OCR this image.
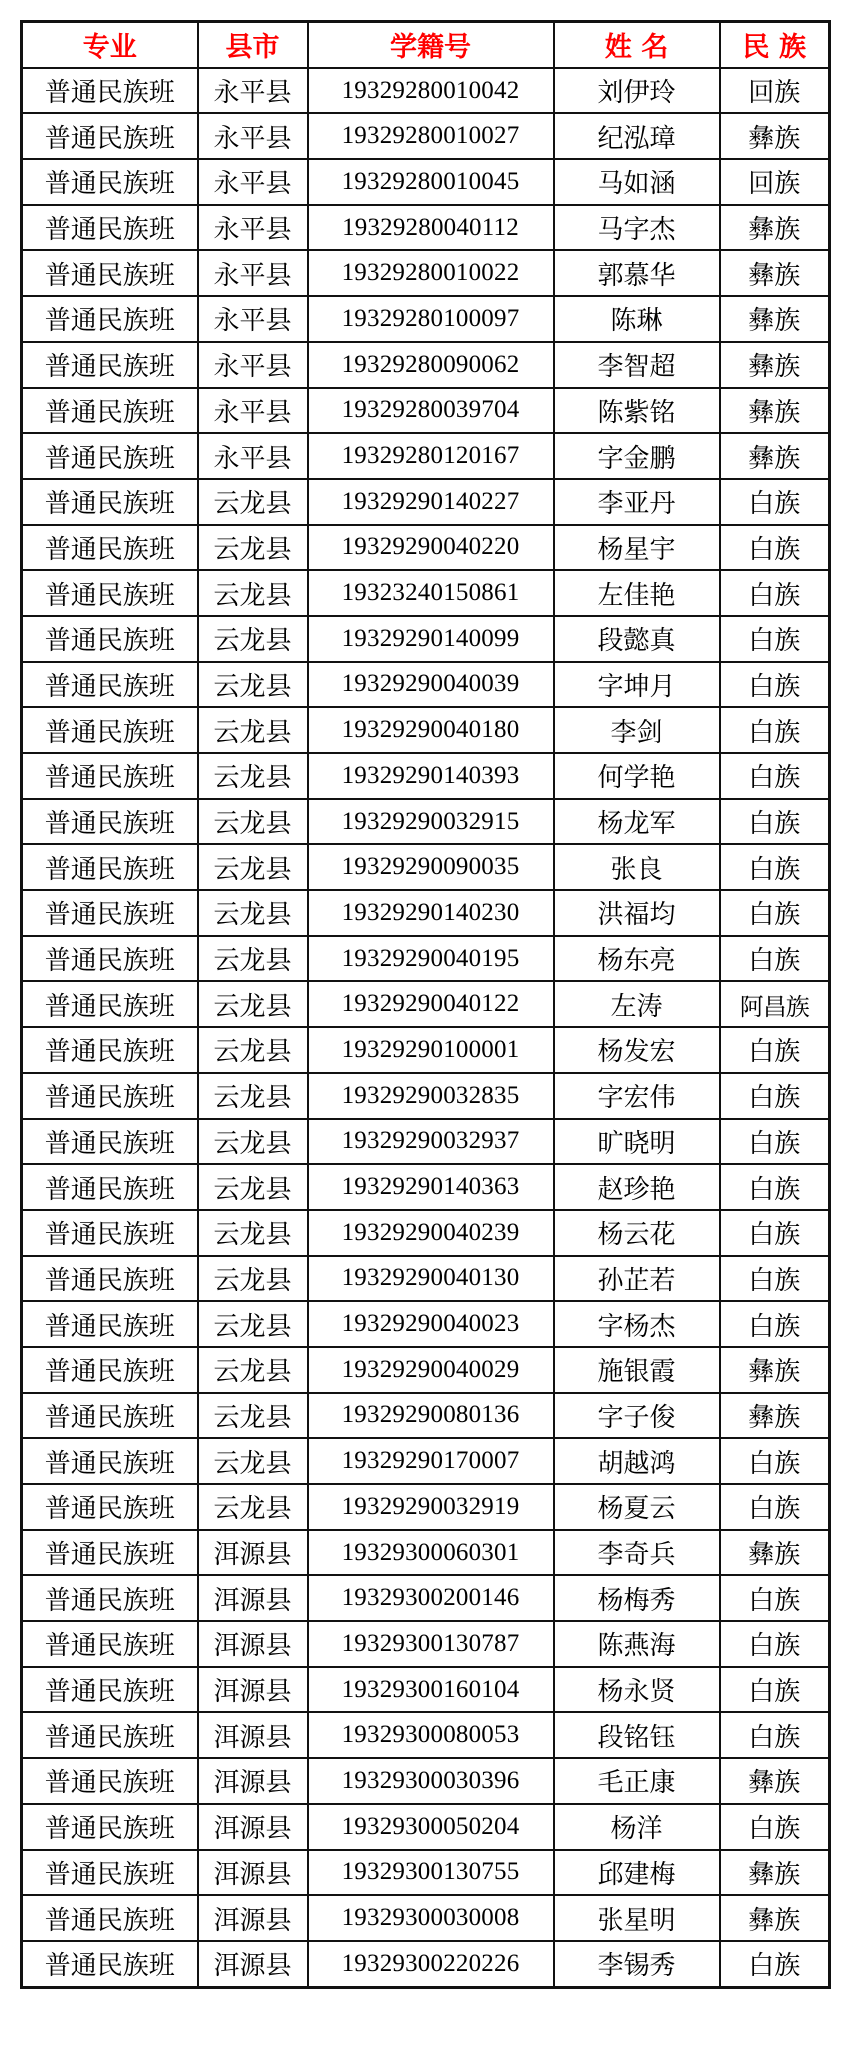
专业	县市	学籍号	姓 名	民 族
普通民族班	永平县	19329280010042	刘伊玲	回族
普通民族班	永平县	19329280010027	纪泓璋	彝族
普通民族班	永平县	19329280010045	马如涵	回族
普通民族班	永平县	19329280040112	马字杰	彝族
普通民族班	永平县	19329280010022	郭慕华	彝族
普通民族班	永平县	19329280100097	陈琳	彝族
普通民族班	永平县	19329280090062	李智超	彝族
普通民族班	永平县	19329280039704	陈紫铭	彝族
普通民族班	永平县	19329280120167	字金鹏	彝族
普通民族班	云龙县	19329290140227	李亚丹	白族
普通民族班	云龙县	19329290040220	杨星宇	白族
普通民族班	云龙县	19323240150861	左佳艳	白族
普通民族班	云龙县	19329290140099	段懿真	白族
普通民族班	云龙县	19329290040039	字坤月	白族
普通民族班	云龙县	19329290040180	李剑	白族
普通民族班	云龙县	19329290140393	何学艳	白族
普通民族班	云龙县	19329290032915	杨龙军	白族
普通民族班	云龙县	19329290090035	张良	白族
普通民族班	云龙县	19329290140230	洪福均	白族
普通民族班	云龙县	19329290040195	杨东亮	白族
普通民族班	云龙县	19329290040122	左涛	阿昌族
普通民族班	云龙县	19329290100001	杨发宏	白族
普通民族班	云龙县	19329290032835	字宏伟	白族
普通民族班	云龙县	19329290032937	旷晓明	白族
普通民族班	云龙县	19329290140363	赵珍艳	白族
普通民族班	云龙县	19329290040239	杨云花	白族
普通民族班	云龙县	19329290040130	孙芷若	白族
普通民族班	云龙县	19329290040023	字杨杰	白族
普通民族班	云龙县	19329290040029	施银霞	彝族
普通民族班	云龙县	19329290080136	字子俊	彝族
普通民族班	云龙县	19329290170007	胡越鸿	白族
普通民族班	云龙县	19329290032919	杨夏云	白族
普通民族班	洱源县	19329300060301	李奇兵	彝族
普通民族班	洱源县	19329300200146	杨梅秀	白族
普通民族班	洱源县	19329300130787	陈燕海	白族
普通民族班	洱源县	19329300160104	杨永贤	白族
普通民族班	洱源县	19329300080053	段铭钰	白族
普通民族班	洱源县	19329300030396	毛正康	彝族
普通民族班	洱源县	19329300050204	杨洋	白族
普通民族班	洱源县	19329300130755	邱建梅	彝族
普通民族班	洱源县	19329300030008	张星明	彝族
普通民族班	洱源县	19329300220226	李锡秀	白族
